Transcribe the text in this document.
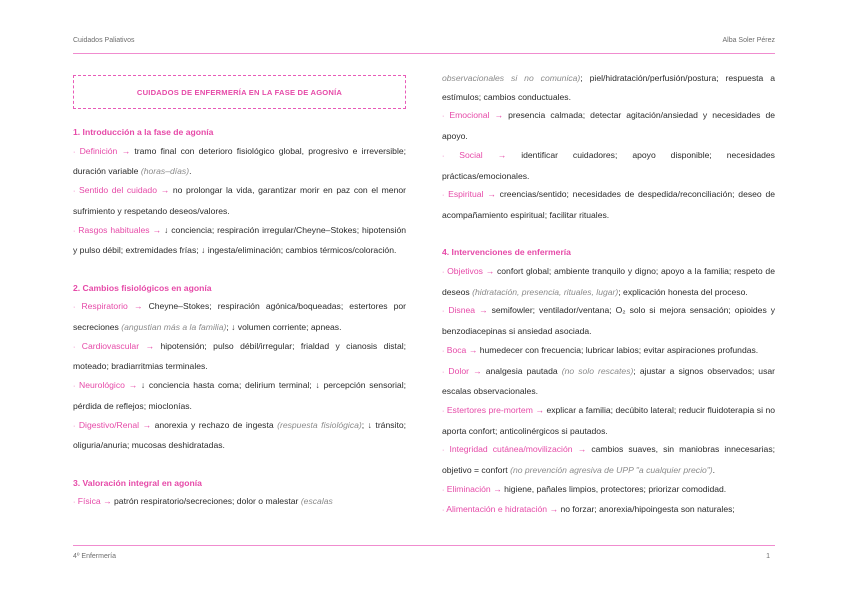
Cuidados Paliativos	Alba Soler Pérez
CUIDADOS DE ENFERMERÍA EN LA FASE DE AGONÍA
1. Introducción a la fase de agonía

· Definición → tramo final con deterioro fisiológico global, progresivo e irreversible; duración variable (horas–días).

· Sentido del cuidado → no prolongar la vida, garantizar morir en paz con el menor sufrimiento y respetando deseos/valores.

· Rasgos habituales → ↓ conciencia; respiración irregular/Cheyne–Stokes; hipotensión y pulso débil; extremidades frías; ↓ ingesta/eliminación; cambios térmicos/coloración.

2. Cambios fisiológicos en agonía

· Respiratorio → Cheyne–Stokes; respiración agónica/boqueadas; estertores por secreciones (angustian más a la familia); ↓ volumen corriente; apneas.

· Cardiovascular → hipotensión; pulso débil/irregular; frialdad y cianosis distal; moteado; bradiarritmias terminales.

· Neurológico → ↓ conciencia hasta coma; delirium terminal; ↓ percepción sensorial; pérdida de reflejos; mioclonías.

· Digestivo/Renal → anorexia y rechazo de ingesta (respuesta fisiológica); ↓ tránsito; oliguria/anuria; mucosas deshidratadas.

3. Valoración integral en agonía

· Física → patrón respiratorio/secreciones; dolor o malestar (escalas

observacionales si no comunica); piel/hidratación/perfusión/postura; respuesta a estímulos; cambios conductuales.

· Emocional → presencia calmada; detectar agitación/ansiedad y necesidades de apoyo.

· Social → identificar cuidadores; apoyo disponible; necesidades prácticas/emocionales.

· Espiritual → creencias/sentido; necesidades de despedida/reconciliación; deseo de acompañamiento espiritual; facilitar rituales.

4. Intervenciones de enfermería

· Objetivos → confort global; ambiente tranquilo y digno; apoyo a la familia; respeto de deseos (hidratación, presencia, rituales, lugar); explicación honesta del proceso.

· Disnea → semifowler; ventilador/ventana; O₂ solo si mejora sensación; opioides y benzodiacepinas si ansiedad asociada.

· Boca → humedecer con frecuencia; lubricar labios; evitar aspiraciones profundas.

· Dolor → analgesia pautada (no solo rescates); ajustar a signos observados; usar escalas observacionales.

· Estertores pre-mortem → explicar a familia; decúbito lateral; reducir fluidoterapia si no aporta confort; anticolinérgicos si pautados.

· Integridad cutánea/movilización → cambios suaves, sin maniobras innecesarias; objetivo = confort (no prevención agresiva de UPP "a cualquier precio").

· Eliminación → higiene, pañales limpios, protectores; priorizar comodidad.

· Alimentación e hidratación → no forzar; anorexia/hipoingesta son naturales;

4º Enfermería	1
